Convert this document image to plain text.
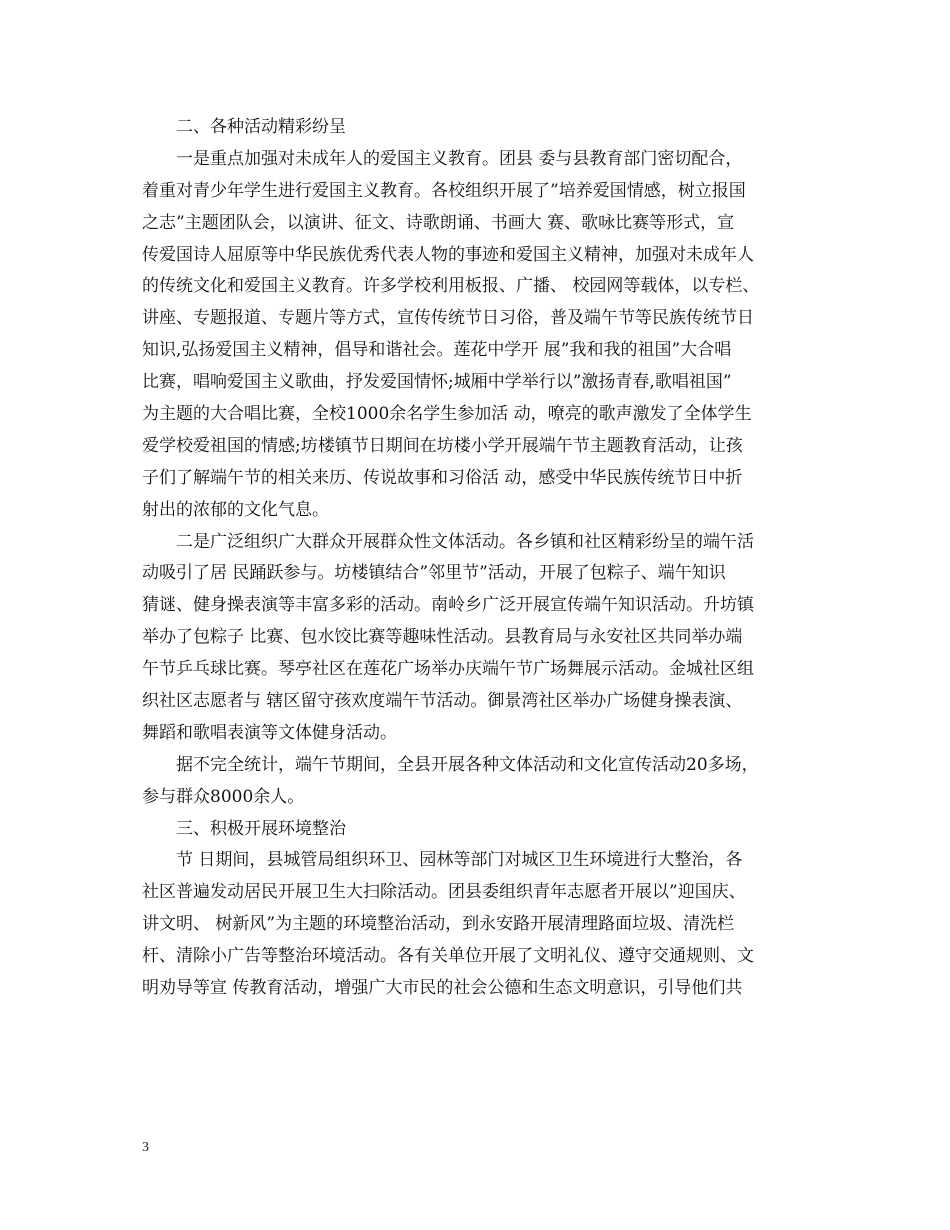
二、各种活动精彩纷呈

一是重点加强对未成年人的爱国主义教育。团县 委与县教育部门密切配合，

着重对青少年学生进行爱国主义教育。各校组织开展了”培养爱国情感，树立报国

之志”主题团队会，以演讲、征文、诗歌朗诵、书画大 赛、歌咏比赛等形式，宣

传爱国诗人屈原等中华民族优秀代表人物的事迹和爱国主义精神，加强对未成年人

的传统文化和爱国主义教育。许多学校利用板报、广播、 校园网等载体，以专栏、

讲座、专题报道、专题片等方式，宣传传统节日习俗，普及端午节等民族传统节日

知识,弘扬爱国主义精神，倡导和谐社会。莲花中学开 展”我和我的祖国”大合唱

比赛，唱响爱国主义歌曲，抒发爱国情怀;城厢中学举行以”激扬青春,歌唱祖国”

为主题的大合唱比赛，全校1000余名学生参加活 动，嘹亮的歌声激发了全体学生

爱学校爱祖国的情感;坊楼镇节日期间在坊楼小学开展端午节主题教育活动，让孩

子们了解端午节的相关来历、传说故事和习俗活 动，感受中华民族传统节日中折

射出的浓郁的文化气息。

二是广泛组织广大群众开展群众性文体活动。各乡镇和社区精彩纷呈的端午活

动吸引了居 民踊跃参与。坊楼镇结合”邻里节”活动，开展了包粽子、端午知识

猜谜、健身操表演等丰富多彩的活动。南岭乡广泛开展宣传端午知识活动。升坊镇

举办了包粽子 比赛、包水饺比赛等趣味性活动。县教育局与永安社区共同举办端

午节乒乓球比赛。琴亭社区在莲花广场举办庆端午节广场舞展示活动。金城社区组

织社区志愿者与 辖区留守孩欢度端午节活动。御景湾社区举办广场健身操表演、

舞蹈和歌唱表演等文体健身活动。

据不完全统计，端午节期间，全县开展各种文体活动和文化宣传活动20多场，

参与群众8000余人。

三、积极开展环境整治

节 日期间，县城管局组织环卫、园林等部门对城区卫生环境进行大整治，各

社区普遍发动居民开展卫生大扫除活动。团县委组织青年志愿者开展以”迎国庆、

讲文明、 树新风”为主题的环境整治活动，到永安路开展清理路面垃圾、清洗栏

杆、清除小广告等整治环境活动。各有关单位开展了文明礼仪、遵守交通规则、文

明劝导等宣 传教育活动，增强广大市民的社会公德和生态文明意识，引导他们共

3
